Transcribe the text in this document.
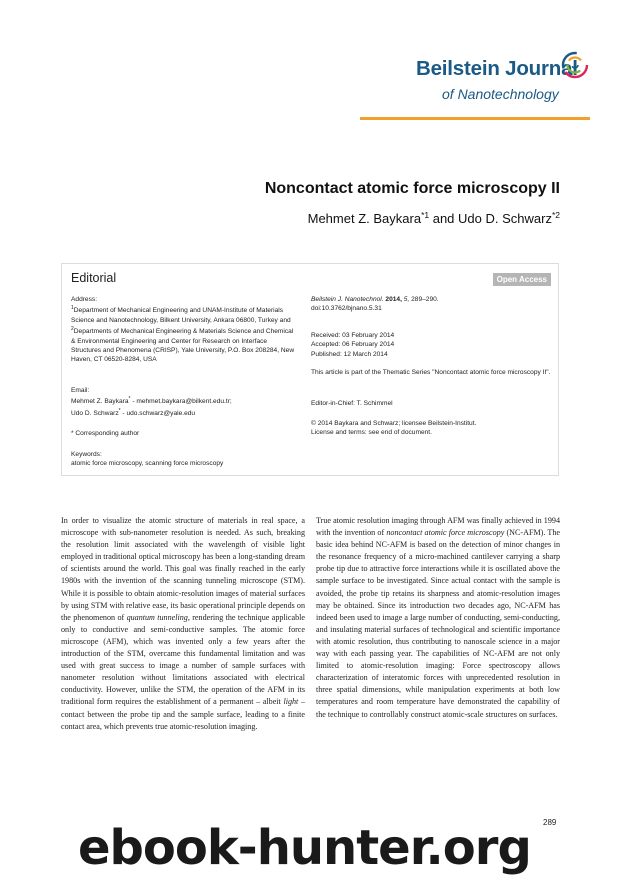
Beilstein Journal
of Nanotechnology
Noncontact atomic force microscopy II
Mehmet Z. Baykara$^{*1}$ and Udo D. Schwarz$^{*2}$
Editorial	Open Access
Address:
$^1$Department of Mechanical Engineering and UNAM-Institute of Materials Science and Nanotechnology, Bilkent University, Ankara 06800, Turkey and $^2$Departments of Mechanical Engineering & Materials Science and Chemical & Environmental Engineering and Center for Research on Interface Structures and Phenomena (CRISP), Yale University, P.O. Box 208284, New Haven, CT 06520-8284, USA
Email:
Mehmet Z. Baykara* - mehmet.baykara@bilkent.edu.tr;
Udo D. Schwarz* - udo.schwarz@yale.edu
* Corresponding author
Keywords:
atomic force microscopy, scanning force microscopy
Beilstein J. Nanotechnol. 2014, 5, 289–290.
doi:10.3762/bjnano.5.31
Received: 03 February 2014
Accepted: 06 February 2014
Published: 12 March 2014
This article is part of the Thematic Series "Noncontact atomic force microscopy II".
Editor-in-Chief: T. Schimmel
© 2014 Baykara and Schwarz; licensee Beilstein-Institut.
License and terms: see end of document.
In order to visualize the atomic structure of materials in real space, a microscope with sub-nanometer resolution is needed. As such, breaking the resolution limit associated with the wavelength of visible light employed in traditional optical microscopy has been a long-standing dream of scientists around the world. This goal was finally reached in the early 1980s with the invention of the scanning tunneling microscope (STM). While it is possible to obtain atomic-resolution images of material surfaces by using STM with relative ease, its basic operational principle depends on the phenomenon of quantum tunneling, rendering the technique applicable only to conductive and semi-conductive samples. The atomic force microscope (AFM), which was invented only a few years after the introduction of the STM, overcame this fundamental limitation and was used with great success to image a number of sample surfaces with nanometer resolution without limitations associated with electrical conductivity. However, unlike the STM, the operation of the AFM in its traditional form requires the establishment of a permanent – albeit light – contact between the probe tip and the sample surface, leading to a finite contact area, which prevents true atomic-resolution imaging.
True atomic resolution imaging through AFM was finally achieved in 1994 with the invention of noncontact atomic force microscopy (NC-AFM). The basic idea behind NC-AFM is based on the detection of minor changes in the resonance frequency of a micro-machined cantilever carrying a sharp probe tip due to attractive force interactions while it is oscillated above the sample surface to be investigated. Since actual contact with the sample is avoided, the probe tip retains its sharpness and atomic-resolution images may be obtained. Since its introduction two decades ago, NC-AFM has indeed been used to image a large number of conducting, semi-conducting, and insulating material surfaces of technological and scientific importance with atomic resolution, thus contributing to nanoscale science in a major way with each passing year. The capabilities of NC-AFM are not only limited to atomic-resolution imaging: Force spectroscopy allows characterization of interatomic forces with unprecedented resolution in three spatial dimensions, while manipulation experiments at both low temperatures and room temperature have demonstrated the capability of the technique to controllably construct atomic-scale structures on surfaces.
289
ebook-hunter.org
